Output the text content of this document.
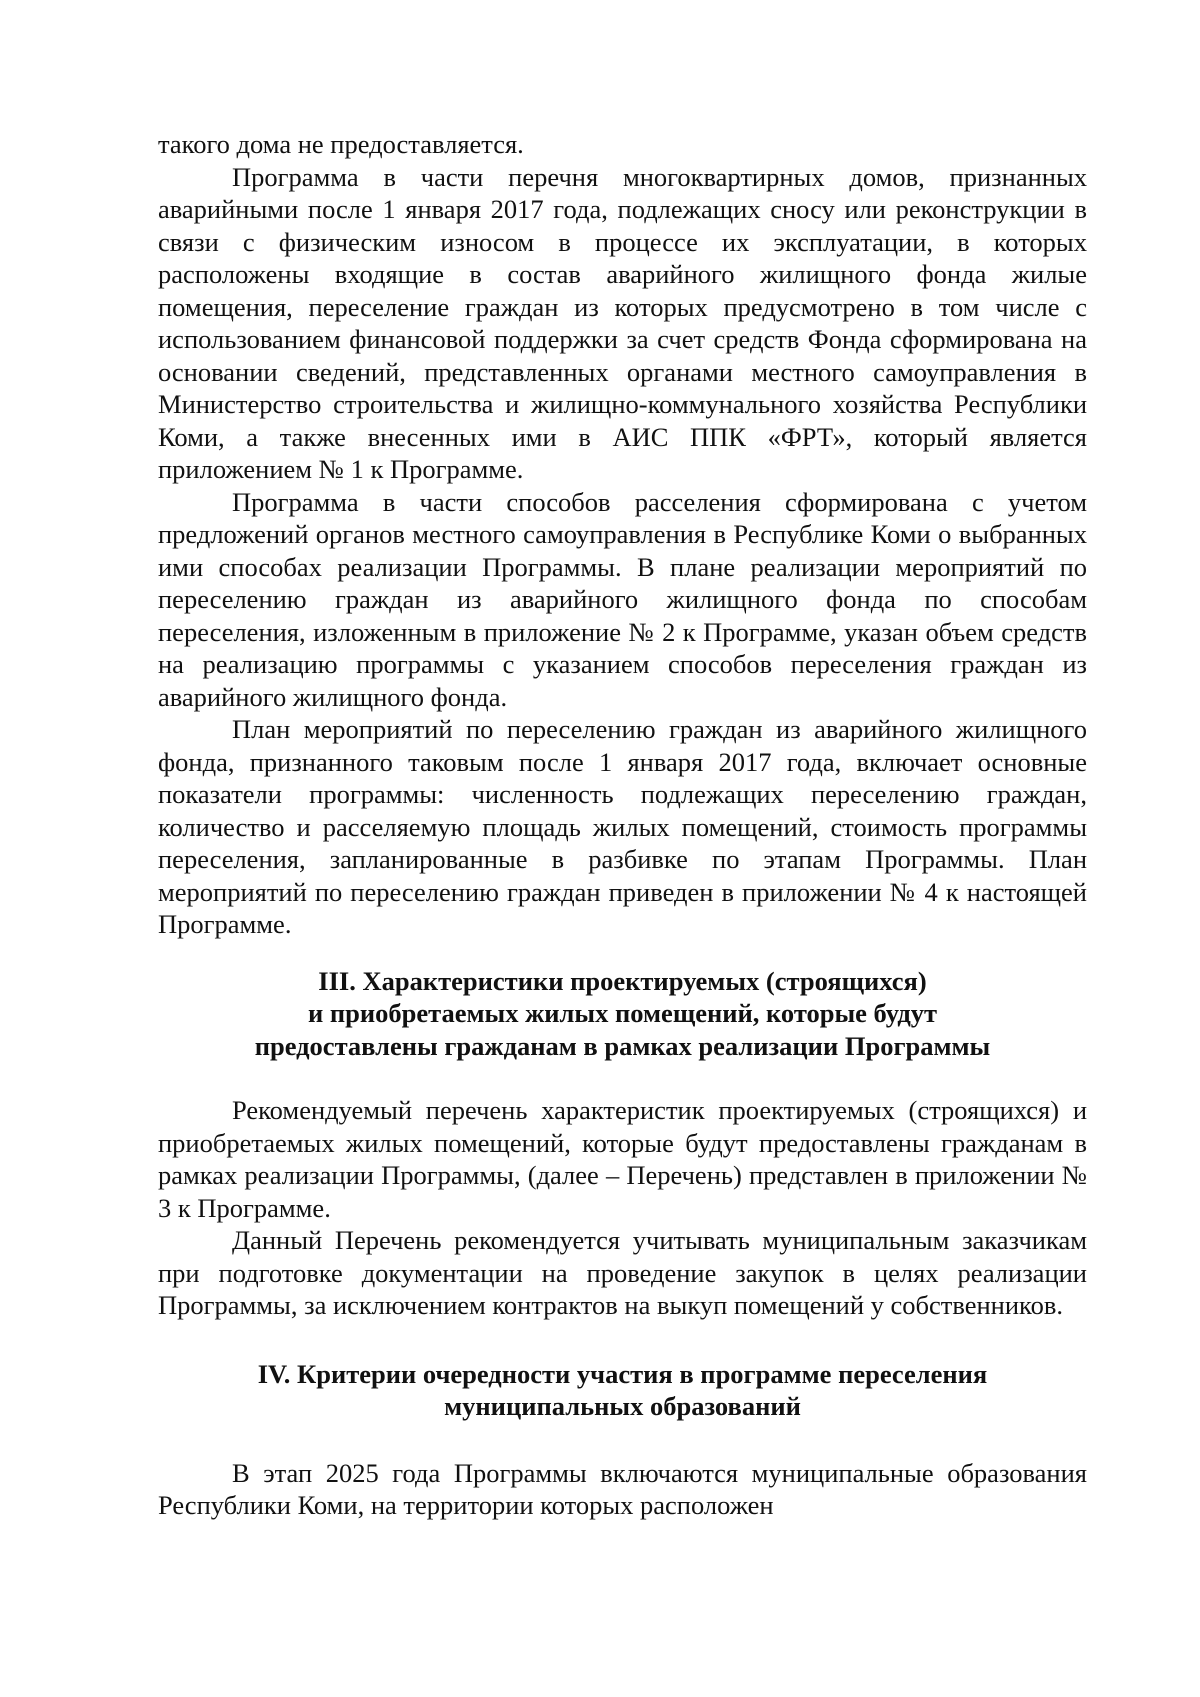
такого дома не предоставляется.

Программа в части перечня многоквартирных домов, признанных аварийными после 1 января 2017 года, подлежащих сносу или реконструкции в связи с физическим износом в процессе их эксплуатации, в которых расположены входящие в состав аварийного жилищного фонда жилые помещения, переселение граждан из которых предусмотрено в том числе с использованием финансовой поддержки за счет средств Фонда сформирована на основании сведений, представленных органами местного самоуправления в Министерство строительства и жилищно-коммунального хозяйства Республики Коми, а также внесенных ими в АИС ППК «ФРТ», который является приложением № 1 к Программе.

Программа в части способов расселения сформирована с учетом предложений органов местного самоуправления в Республике Коми о выбранных ими способах реализации Программы. В плане реализации мероприятий по переселению граждан из аварийного жилищного фонда по способам переселения, изложенным в приложение № 2 к Программе, указан объем средств на реализацию программы с указанием способов переселения граждан из аварийного жилищного фонда.

План мероприятий по переселению граждан из аварийного жилищного фонда, признанного таковым после 1 января 2017 года, включает основные показатели программы: численность подлежащих переселению граждан, количество и расселяемую площадь жилых помещений, стоимость программы переселения, запланированные в разбивке по этапам Программы. План мероприятий по переселению граждан приведен в приложении № 4 к настоящей Программе.

III. Характеристики проектируемых (строящихся)
и приобретаемых жилых помещений, которые будут
предоставлены гражданам в рамках реализации Программы

Рекомендуемый перечень характеристик проектируемых (строящихся) и приобретаемых жилых помещений, которые будут предоставлены гражданам в рамках реализации Программы, (далее – Перечень) представлен в приложении № 3 к Программе.

Данный Перечень рекомендуется учитывать муниципальным заказчикам при подготовке документации на проведение закупок в целях реализации Программы, за исключением контрактов на выкуп помещений у собственников.

IV. Критерии очередности участия в программе переселения
муниципальных образований

В этап 2025 года Программы включаются муниципальные образования Республики Коми, на территории которых расположен
